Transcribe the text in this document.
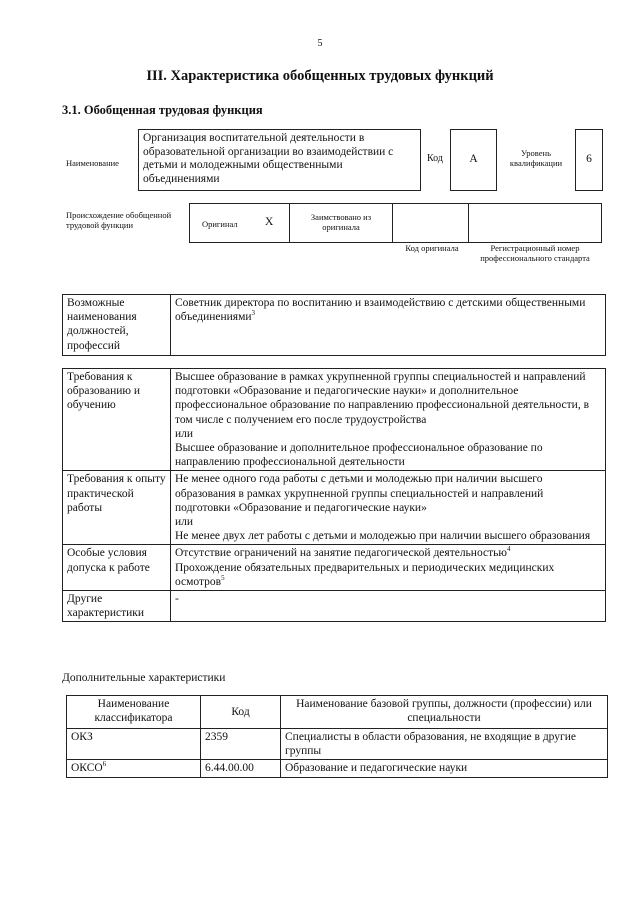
5
III. Характеристика обобщенных трудовых функций
3.1. Обобщенная трудовая функция
Наименование
Организация воспитательной деятельности в образовательной организации во взаимодействии с детьми и молодежными общественными объединениями
Код	А
Уровень квалификации	6
Происхождение обобщенной трудовой функции	Оригинал X	Заимствовано из оригинала
Код оригинала	Регистрационный номер профессионального стандарта
Возможные наименования должностей, профессий	Советник директора по воспитанию и взаимодействию с детскими общественными объединениями$^3$
Требования к образованию и обучению	Высшее образование в рамках укрупненной группы специальностей и направлений подготовки «Образование и педагогические науки» и дополнительное профессиональное образование по направлению профессиональной деятельности, в том числе с получением его после трудоустройства
или
Высшее образование и дополнительное профессиональное образование по направлению профессиональной деятельности

Требования к опыту практической работы	Не менее одного года работы с детьми и молодежью при наличии высшего образования в рамках укрупненной группы специальностей и направлений подготовки «Образование и педагогические науки»
или
Не менее двух лет работы с детьми и молодежью при наличии высшего образования

Особые условия допуска к работе	Отсутствие ограничений на занятие педагогической деятельностью$^4$
Прохождение обязательных предварительных и периодических медицинских осмотров$^5$

Другие характеристики	-
Дополнительные характеристики
Наименование классификатора	Код	Наименование базовой группы, должности (профессии) или специальности
ОКЗ	2359	Специалисты в области образования, не входящие в другие группы
ОКСО$^6$	6.44.00.00	Образование и педагогические науки
